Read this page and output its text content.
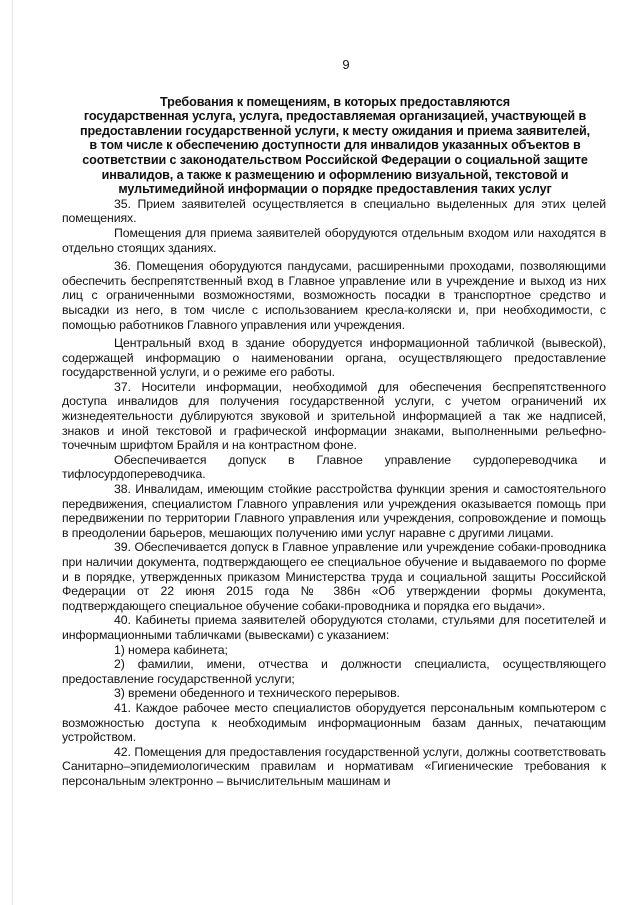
9
Требования к помещениям, в которых предоставляются
государственная услуга, услуга, предоставляемая организацией, участвующей в
предоставлении государственной услуги, к месту ожидания и приема заявителей,
в том числе к обеспечению доступности для инвалидов указанных объектов в
соответствии с законодательством Российской Федерации о социальной защите
инвалидов, а также к размещению и оформлению визуальной, текстовой и
мультимедийной информации о порядке предоставления таких услуг

35. Прием заявителей осуществляется в специально выделенных для этих целей помещениях.

Помещения для приема заявителей оборудуются отдельным входом или находятся в отдельно стоящих зданиях.

36. Помещения оборудуются пандусами, расширенными проходами, позволяющими обеспечить беспрепятственный вход в Главное управление или в учреждение и выход из них лиц с ограниченными возможностями, возможность посадки в транспортное средство и высадки из него, в том числе с использованием кресла-коляски и, при необходимости, с помощью работников Главного управления или учреждения.

Центральный вход в здание оборудуется информационной табличкой (вывеской), содержащей информацию о наименовании органа, осуществляющего предоставление государственной услуги, и о режиме его работы.

37. Носители информации, необходимой для обеспечения беспрепятственного доступа инвалидов для получения государственной услуги, с учетом ограничений их жизнедеятельности дублируются звуковой и зрительной информацией а так же надписей, знаков и иной текстовой и графической информации знаками, выполненными рельефно-точечным шрифтом Брайля и на контрастном фоне.

Обеспечивается допуск в Главное управление сурдопереводчика и тифлосурдопереводчика.

38. Инвалидам, имеющим стойкие расстройства функции зрения и самостоятельного передвижения, специалистом Главного управления или учреждения оказывается помощь при передвижении по территории Главного управления или учреждения, сопровождение и помощь в преодолении барьеров, мешающих получению ими услуг наравне с другими лицами.

39. Обеспечивается допуск в Главное управление или учреждение собаки-проводника при наличии документа, подтверждающего ее специальное обучение и выдаваемого по форме и в порядке, утвержденных приказом Министерства труда и социальной защиты Российской Федерации от 22 июня 2015 года № 386н «Об утверждении формы документа, подтверждающего специальное обучение собаки-проводника и порядка его выдачи».

40. Кабинеты приема заявителей оборудуются столами, стульями для посетителей и информационными табличками (вывесками) с указанием:

1) номера кабинета;

2) фамилии, имени, отчества и должности специалиста, осуществляющего предоставление государственной услуги;

3) времени обеденного и технического перерывов.

41. Каждое рабочее место специалистов оборудуется персональным компьютером с возможностью доступа к необходимым информационным базам данных, печатающим устройством.

42. Помещения для предоставления государственной услуги, должны соответствовать Санитарно–эпидемиологическим правилам и нормативам «Гигиенические требования к персональным электронно – вычислительным машинам и
